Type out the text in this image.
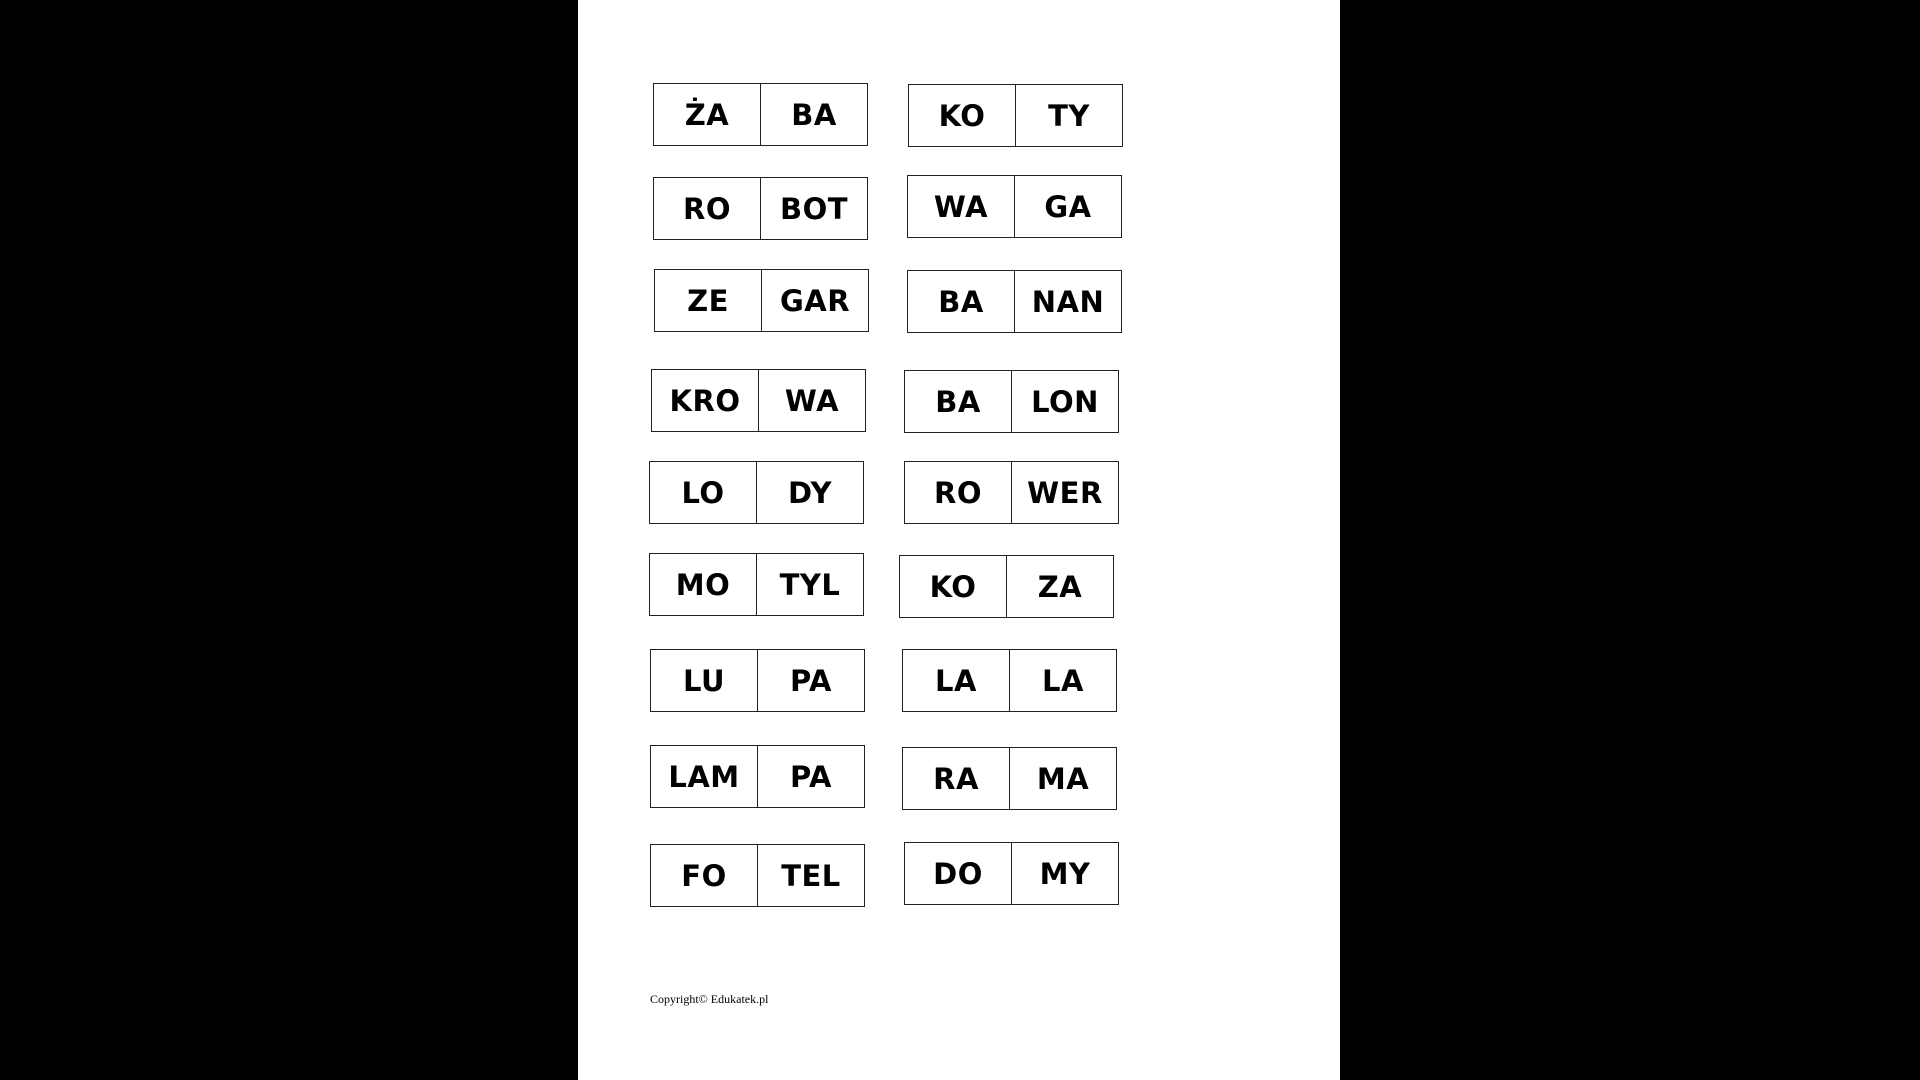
ŻA	BA	KO	TY
RO	BOT	WA	GA
ZE	GAR	BA	NAN
KRO	WA	BA	LON
LO	DY	RO	WER
MO	TYL	KO	ZA
LU	PA	LA	LA
LAM	PA	RA	MA
FO	TEL	DO	MY
Copyright© Edukatek.pl
